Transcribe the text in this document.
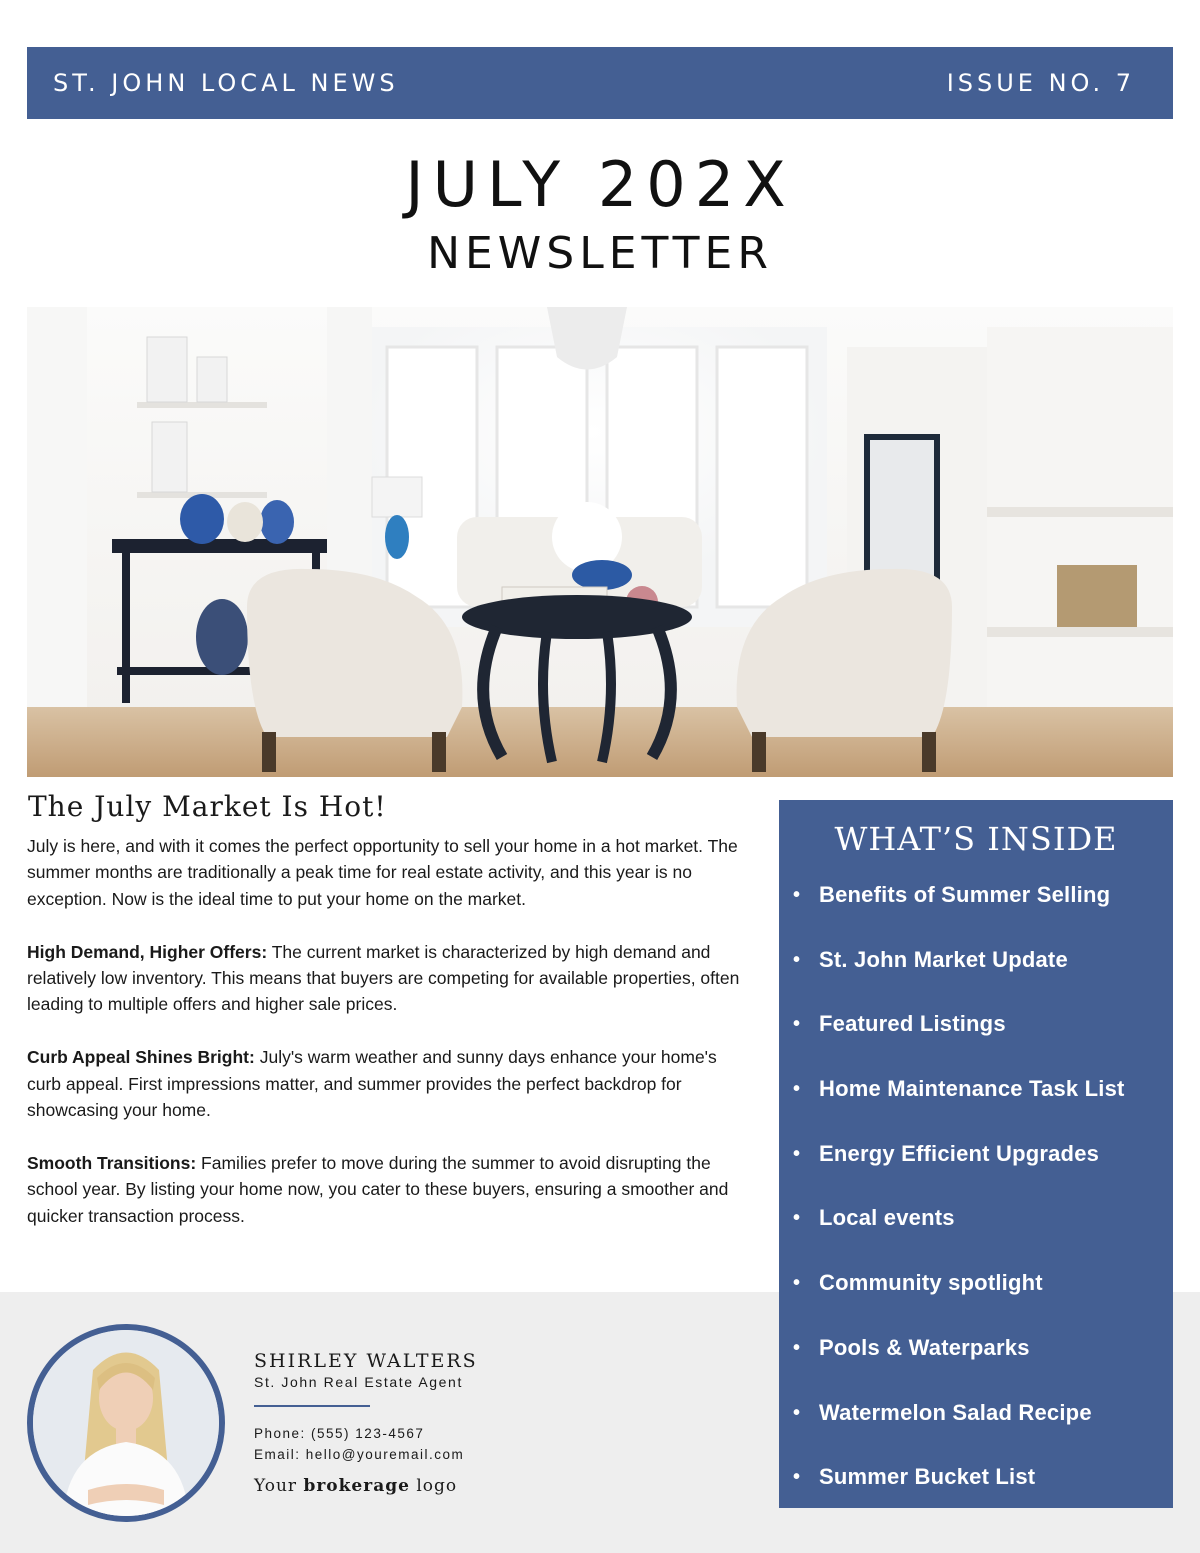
ST. JOHN LOCAL NEWS	ISSUE NO. 7
JULY 202X
NEWSLETTER
The July Market Is Hot!

July is here, and with it comes the perfect opportunity to sell your home in a hot market. The summer months are traditionally a peak time for real estate activity, and this year is no exception. Now is the ideal time to put your home on the market.

High Demand, Higher Offers: The current market is characterized by high demand and relatively low inventory. This means that buyers are competing for available properties, often leading to multiple offers and higher sale prices.

Curb Appeal Shines Bright: July's warm weather and sunny days enhance your home's curb appeal. First impressions matter, and summer provides the perfect backdrop for showcasing your home.

Smooth Transitions: Families prefer to move during the summer to avoid disrupting the school year. By listing your home now, you cater to these buyers, ensuring a smoother and quicker transaction process.

SHIRLEY WALTERS
St. John Real Estate Agent
Phone: (555) 123-4567
Email: hello@youremail.com
Your brokerage logo
WHAT’S INSIDE
• Benefits of Summer Selling
• St. John Market Update
• Featured Listings
• Home Maintenance Task List
• Energy Efficient Upgrades
• Local events
• Community spotlight
• Pools & Waterparks
• Watermelon Salad Recipe
• Summer Bucket List
